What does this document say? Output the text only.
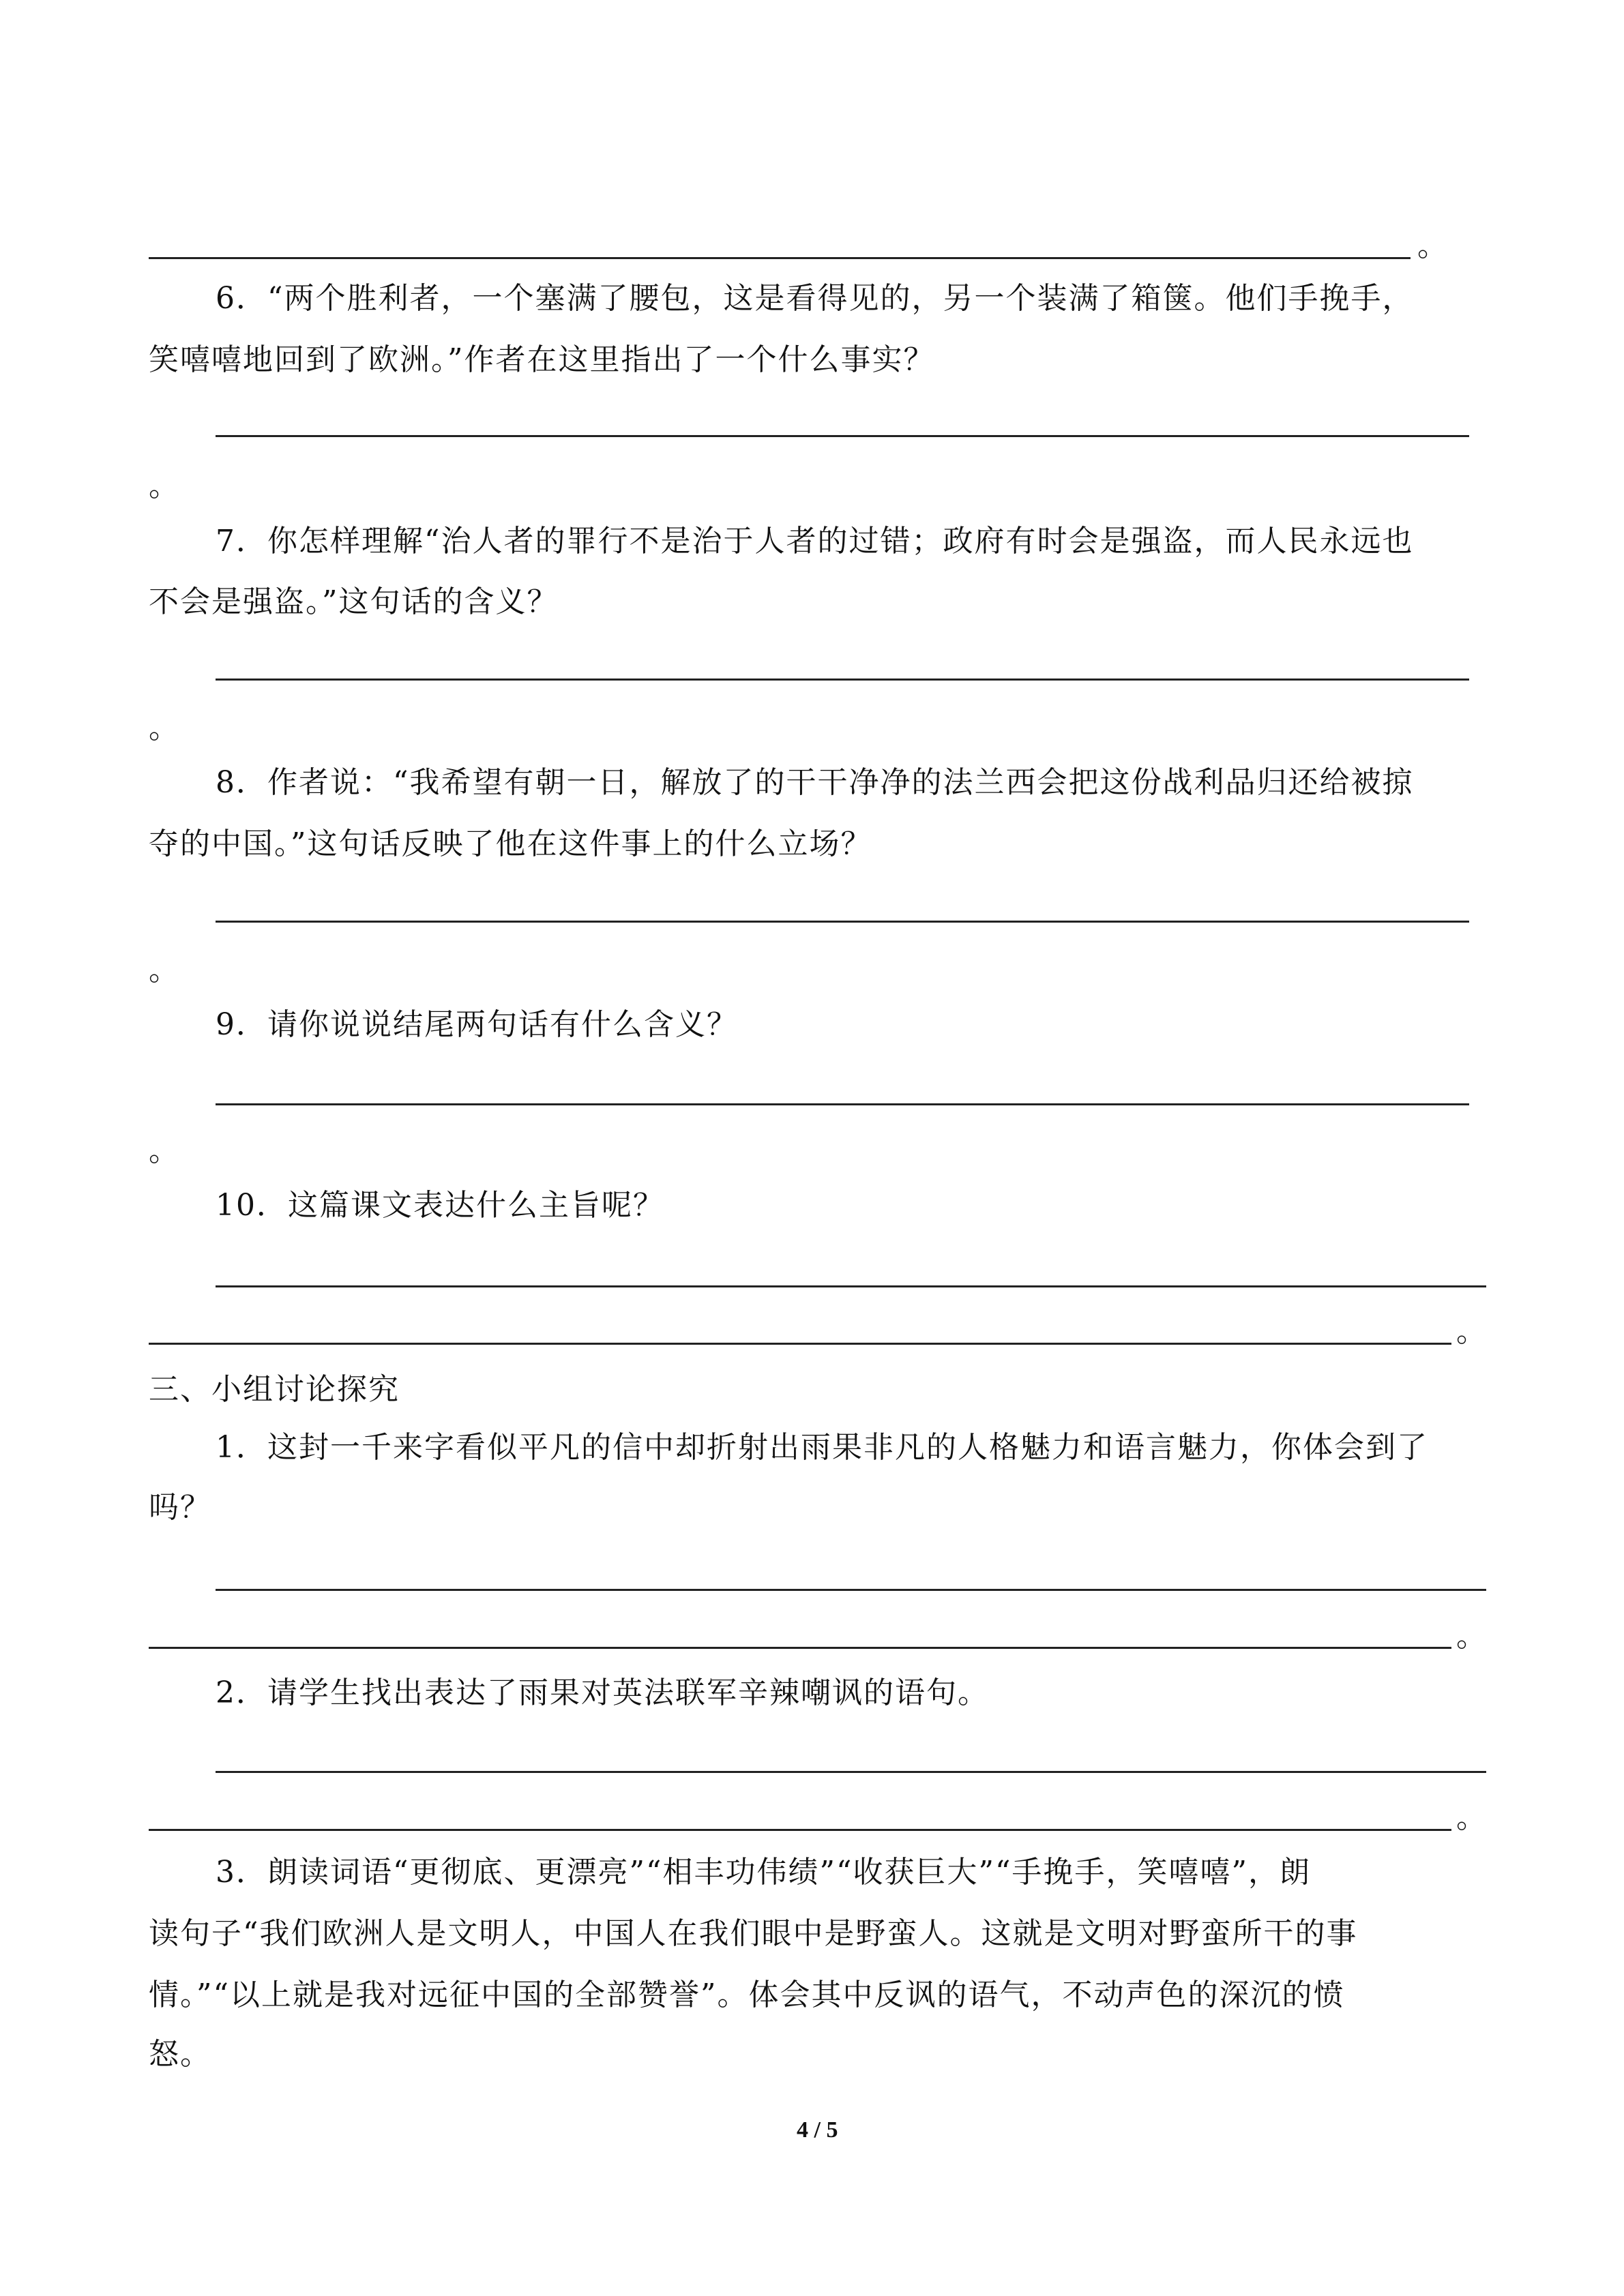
。
6．“两个胜利者，一个塞满了腰包，这是看得见的，另一个装满了箱箧。他们手挽手，
笑嘻嘻地回到了欧洲。”作者在这里指出了一个什么事实？
。
7．你怎样理解“治人者的罪行不是治于人者的过错；政府有时会是强盗，而人民永远也
不会是强盗。”这句话的含义？
。
8．作者说：“我希望有朝一日，解放了的干干净净的法兰西会把这份战利品归还给被掠
夺的中国。”这句话反映了他在这件事上的什么立场？
。
9．请你说说结尾两句话有什么含义？
。
10．这篇课文表达什么主旨呢？
。
三、小组讨论探究
1．这封一千来字看似平凡的信中却折射出雨果非凡的人格魅力和语言魅力，你体会到了
吗？
。
2．请学生找出表达了雨果对英法联军辛辣嘲讽的语句。
。
3．朗读词语“更彻底、更漂亮”“相丰功伟绩”“收获巨大”“手挽手，笑嘻嘻”，朗
读句子“我们欧洲人是文明人，中国人在我们眼中是野蛮人。这就是文明对野蛮所干的事
情。”“以上就是我对远征中国的全部赞誉”。体会其中反讽的语气，不动声色的深沉的愤
怒。
4 / 5
